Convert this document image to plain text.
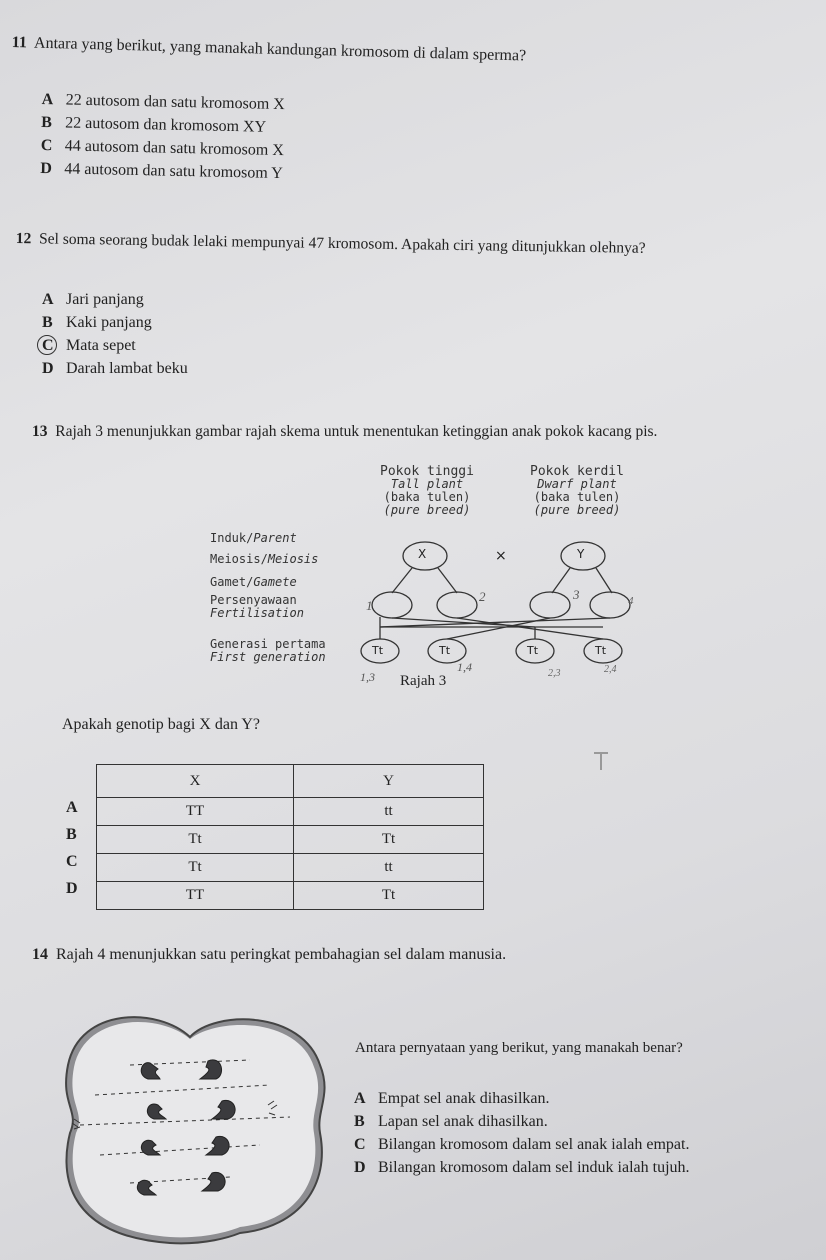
11 Antara yang berikut, yang manakah kandungan kromosom di dalam sperma?
A 22 autosom dan satu kromosom X
B 22 autosom dan kromosom XY
C 44 autosom dan satu kromosom X
D 44 autosom dan satu kromosom Y
12 Sel soma seorang budak lelaki mempunyai 47 kromosom. Apakah ciri yang ditunjukkan olehnya?
A Jari panjang
B Kaki panjang
C Mata sepet
D Darah lambat beku
13 Rajah 3 menunjukkan gambar rajah skema untuk menentukan ketinggian anak pokok kacang pis.
Pokok tinggi
Tall plant
(baka tulen)
(pure breed)
Pokok kerdil
Dwarf plant
(baka tulen)
(pure breed)
Induk/Parent
Meiosis/Meiosis
Gamet/Gamete
Persenyawaan
Fertilisation
Generasi pertama
First generation
X	×	Y
Tt	Tt	Tt	Tt
1
2	3	4
1,3
1,4	2,3	2,4
Rajah 3
Apakah genotip bagi X dan Y?
A
B
C
D
X	Y
TT	tt
Tt	Tt
Tt	tt
TT	Tt
14 Rajah 4 menunjukkan satu peringkat pembahagian sel dalam manusia.
Antara pernyataan yang berikut, yang manakah benar?
A Empat sel anak dihasilkan.
B Lapan sel anak dihasilkan.
C Bilangan kromosom dalam sel anak ialah empat.
D Bilangan kromosom dalam sel induk ialah tujuh.
